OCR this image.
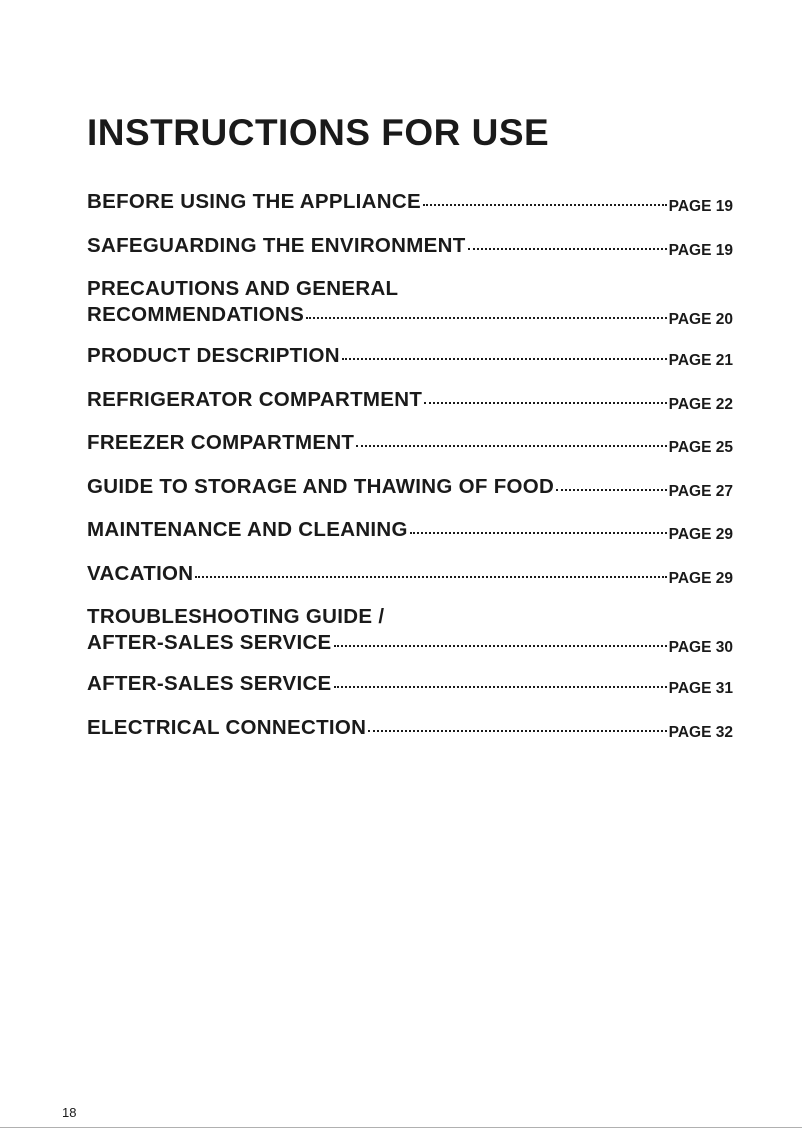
INSTRUCTIONS FOR USE
BEFORE USING THE APPLIANCE	PAGE 19
SAFEGUARDING THE ENVIRONMENT	PAGE 19
PRECAUTIONS AND GENERAL
RECOMMENDATIONS	PAGE 20
PRODUCT DESCRIPTION	PAGE 21
REFRIGERATOR COMPARTMENT	PAGE 22
FREEZER COMPARTMENT	PAGE 25
GUIDE TO STORAGE AND THAWING OF FOOD	PAGE 27
MAINTENANCE AND CLEANING	PAGE 29
VACATION	PAGE 29
TROUBLESHOOTING GUIDE /
AFTER-SALES SERVICE	PAGE 30
AFTER-SALES SERVICE	PAGE 31
ELECTRICAL CONNECTION	PAGE 32
18
